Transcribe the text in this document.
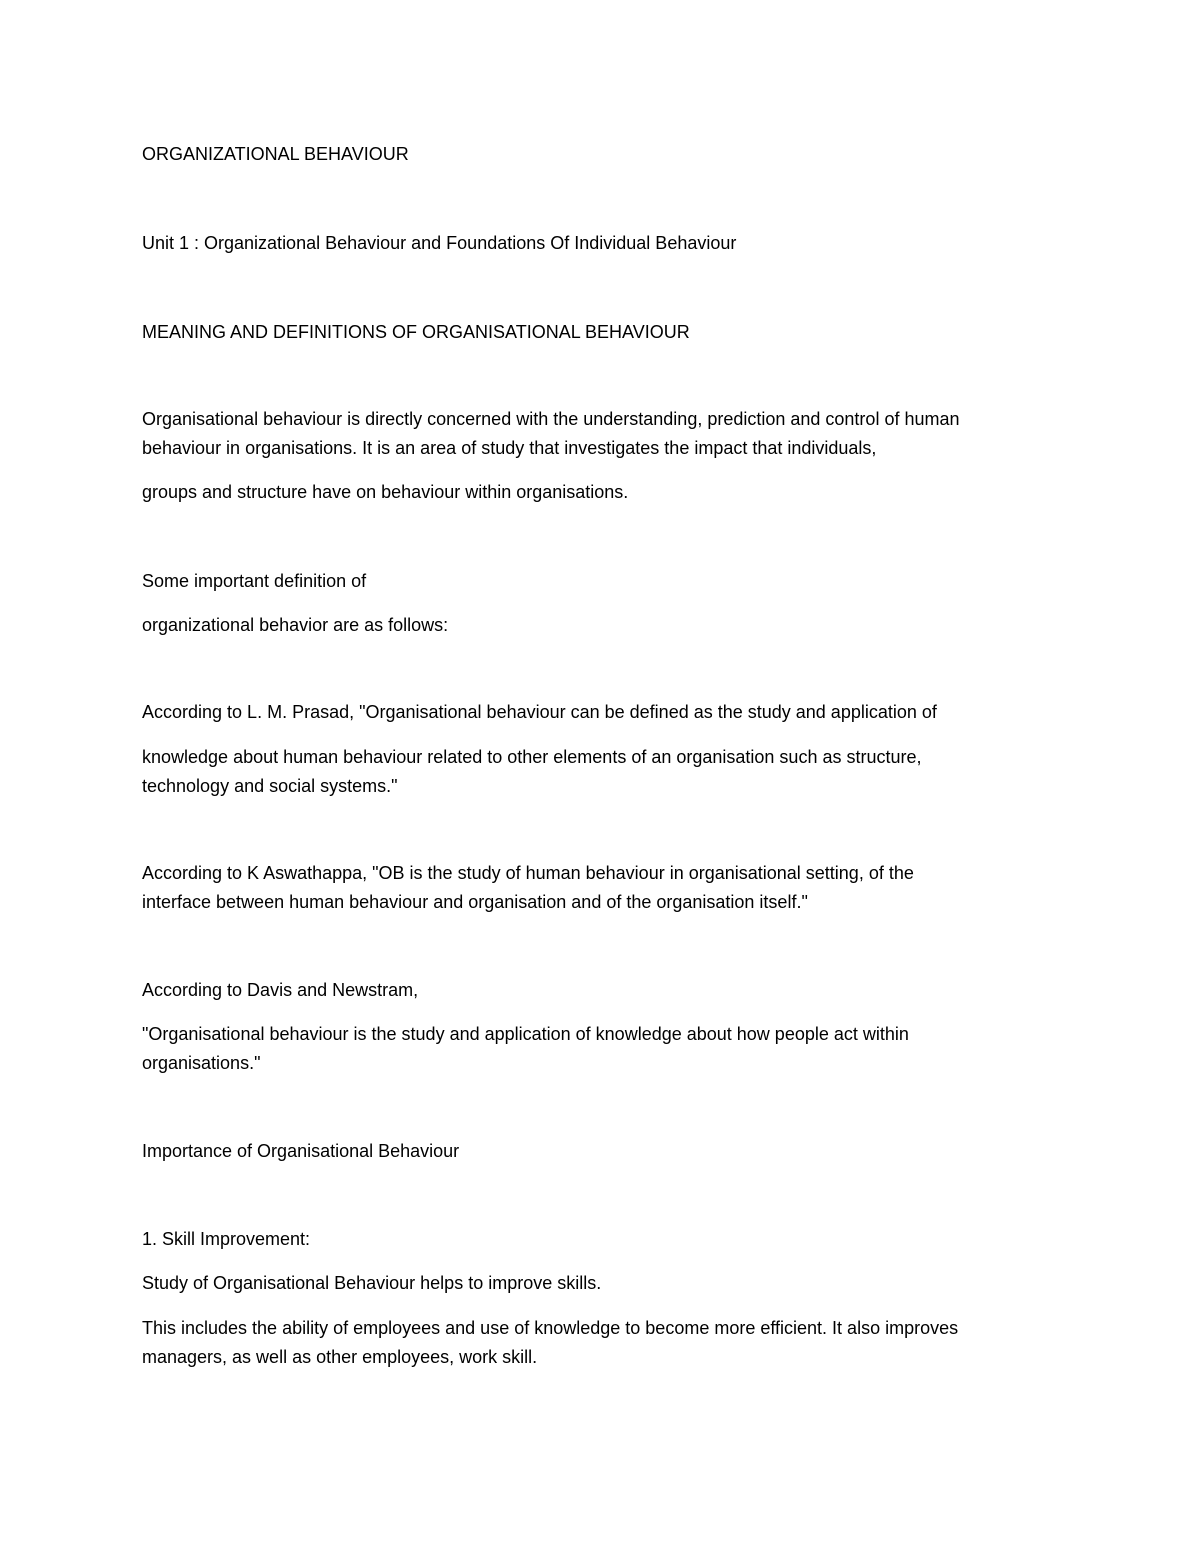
ORGANIZATIONAL BEHAVIOUR
Unit 1 : Organizational Behaviour and Foundations Of Individual Behaviour
MEANING AND DEFINITIONS OF ORGANISATIONAL BEHAVIOUR
Organisational behaviour is directly concerned with the understanding, prediction and control of human
behaviour in organisations. It is an area of study that investigates the impact that individuals,
groups and structure have on behaviour within organisations.
Some important definition of
organizational behavior are as follows:
According to L. M. Prasad, "Organisational behaviour can be defined as the study and application of
knowledge about human behaviour related to other elements of an organisation such as structure,
technology and social systems."
According to K Aswathappa, "OB is the study of human behaviour in organisational setting, of the
interface between human behaviour and organisation and of the organisation itself."
According to Davis and Newstram,
"Organisational behaviour is the study and application of knowledge about how people act within
organisations."
Importance of Organisational Behaviour
1. Skill Improvement:
Study of Organisational Behaviour helps to improve skills.
This includes the ability of employees and use of knowledge to become more efficient. It also improves
managers, as well as other employees, work skill.
